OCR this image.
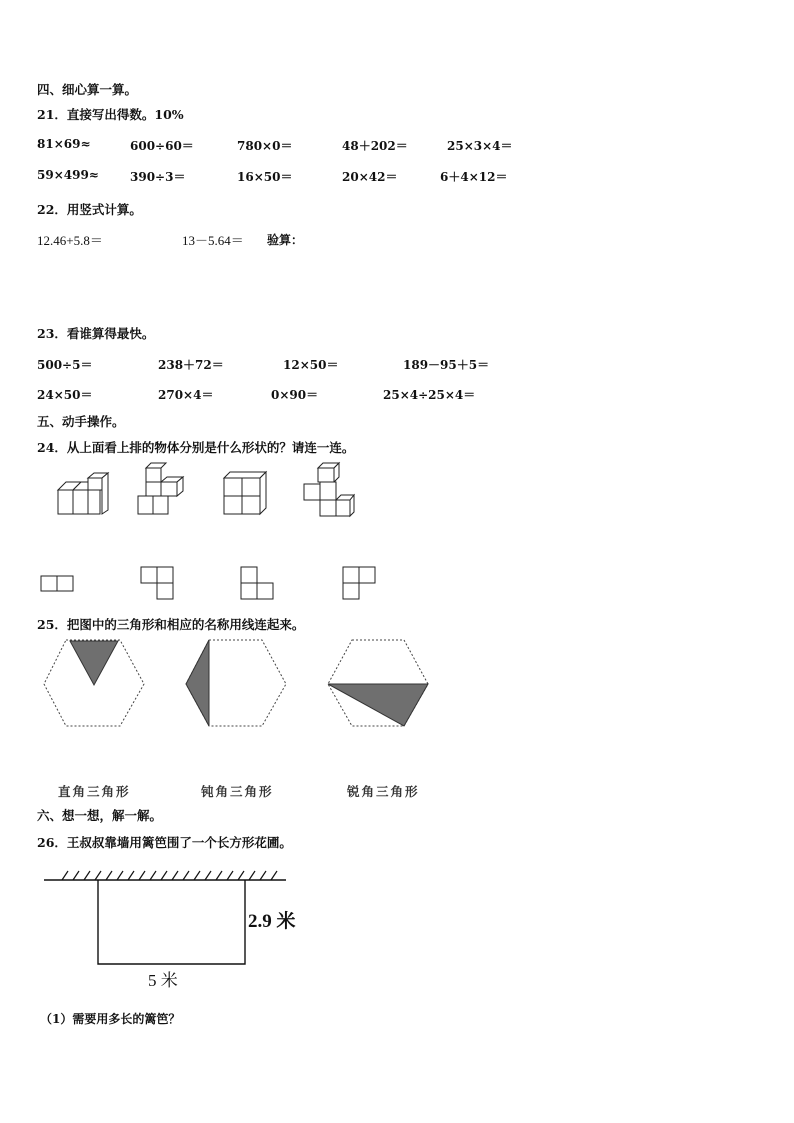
四、细心算一算。
21．直接写出得数。10%
81×69≈	600÷60＝	780×0＝	48＋202＝	25×3×4＝
59×499≈	390÷3＝	16×50＝	20×42＝	6＋4×12＝
22．用竖式计算。
12.46+5.8＝	13－5.64＝ 验算：
23．看谁算得最快。
500÷5＝	238＋72＝	12×50＝	189－95＋5＝
24×50＝	270×4＝	0×90＝	25×4÷25×4＝
五、动手操作。
24．从上面看上排的物体分别是什么形状的？请连一连。
25．把图中的三角形和相应的名称用线连起来。
直角三角形	钝角三角形	锐角三角形
六、想一想，解一解。
26．王叔叔靠墙用篱笆围了一个长方形花圃。
2.9 米
5 米
（1）需要用多长的篱笆？
